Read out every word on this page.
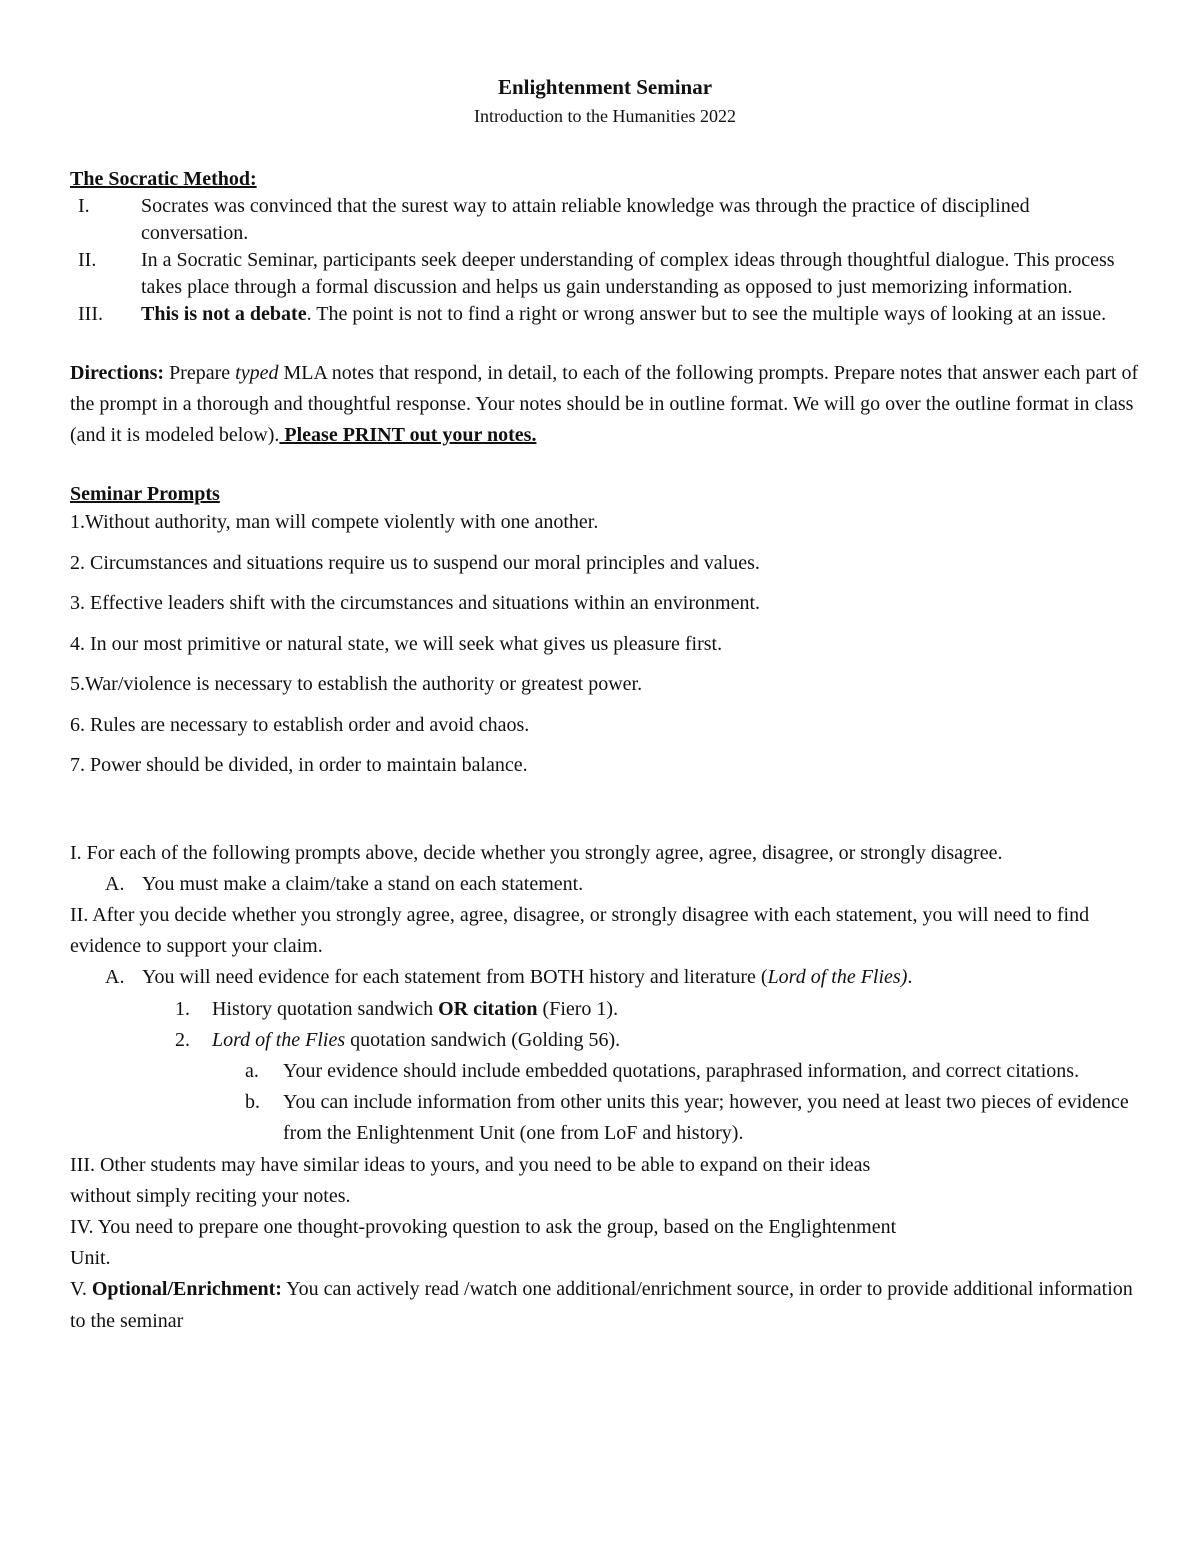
Enlightenment Seminar
Introduction to the Humanities 2022
The Socratic Method:
I.	Socrates was convinced that the surest way to attain reliable knowledge was through the practice of disciplined conversation.
II.	In a Socratic Seminar, participants seek deeper understanding of complex ideas through thoughtful dialogue. This process takes place through a formal discussion and helps us gain understanding as opposed to just memorizing information.
III.	This is not a debate. The point is not to find a right or wrong answer but to see the multiple ways of looking at an issue.

Directions: Prepare typed MLA notes that respond, in detail, to each of the following prompts. Prepare notes that answer each part of the prompt in a thorough and thoughtful response. Your notes should be in outline format. We will go over the outline format in class (and it is modeled below). Please PRINT out your notes.

Seminar Prompts

1.Without authority, man will compete violently with one another.

2. Circumstances and situations require us to suspend our moral principles and values.

3. Effective leaders shift with the circumstances and situations within an environment.

4. In our most primitive or natural state, we will seek what gives us pleasure first.

5.War/violence is necessary to establish the authority or greatest power.

6. Rules are necessary to establish order and avoid chaos.

7. Power should be divided, in order to maintain balance.

I. For each of the following prompts above, decide whether you strongly agree, agree, disagree, or strongly disagree.
A. You must make a claim/take a stand on each statement.
II. After you decide whether you strongly agree, agree, disagree, or strongly disagree with each statement, you will need to find evidence to support your claim.
A. You will need evidence for each statement from BOTH history and literature (Lord of the Flies).
1.	History quotation sandwich OR citation (Fiero 1).
2.	Lord of the Flies quotation sandwich (Golding 56).
a.	Your evidence should include embedded quotations, paraphrased information, and correct citations.
b.	You can include information from other units this year; however, you need at least two pieces of evidence from the Enlightenment Unit (one from LoF and history).
III. Other students may have similar ideas to yours, and you need to be able to expand on their ideas
without simply reciting your notes.
IV. You need to prepare one thought-provoking question to ask the group, based on the Englightenment
Unit.
V. Optional/Enrichment: You can actively read /watch one additional/enrichment source, in order to provide additional information to the seminar
